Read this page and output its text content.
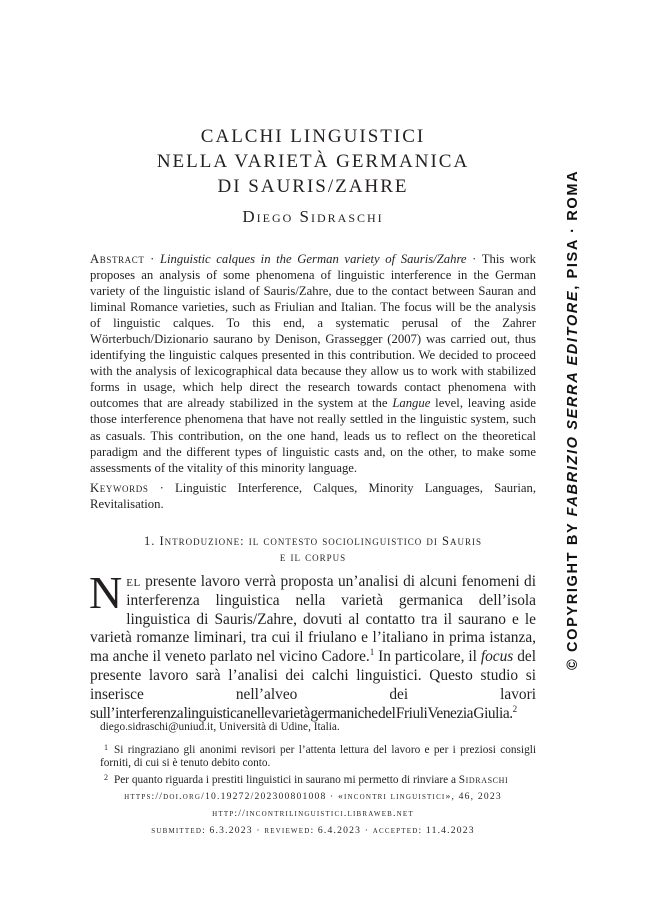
CALCHI LINGUISTICI
NELLA VARIETÀ GERMANICA
DI SAURIS/ZAHRE
Diego Sidraschi

Abstract · Linguistic calques in the German variety of Sauris/Zahre · This work proposes an analysis of some phenomena of linguistic interference in the German variety of the linguistic island of Sauris/Zahre, due to the contact between Sauran and liminal Romance varieties, such as Friulian and Italian. The focus will be the analysis of linguistic calques. To this end, a systematic perusal of the Zahrer Wörterbuch/Dizionario saurano by Denison, Grassegger (2007) was carried out, thus identifying the linguistic calques presented in this contribution. We decided to proceed with the analysis of lexicographical data because they allow us to work with stabilized forms in usage, which help direct the research towards contact phenomena with outcomes that are already stabilized in the system at the Langue level, leaving aside those interference phenomena that have not really settled in the linguistic system, such as casuals. This contribution, on the one hand, leads us to reflect on the theoretical paradigm and the different types of linguistic casts and, on the other, to make some assessments of the vitality of this minority language.

Keywords · Linguistic Interference, Calques, Minority Languages, Saurian, Revitalisation.

1. Introduzione: il contesto sociolinguistico di Sauris
e il corpus
Nel presente lavoro verrà proposta un’analisi di alcuni fenomeni di interferenza linguistica nella varietà germanica dell’isola linguistica di Sauris/Zahre, dovuti al contatto tra il saurano e le varietà romanze liminari, tra cui il friulano e l’italiano in prima istanza, ma anche il veneto parlato nel vicino Cadore.$^1$ In particolare, il focus del presente lavoro sarà l’analisi dei calchi linguistici. Questo studio si inserisce nell’alveo dei lavori sull’interferenza linguistica nelle varietà germaniche del Friuli Venezia Giulia.$^2$
diego.sidraschi@uniud.it, Università di Udine, Italia.
$^1$ Si ringraziano gli anonimi revisori per l’attenta lettura del lavoro e per i preziosi consigli forniti, di cui si è tenuto debito conto.
$^2$ Per quanto riguarda i prestiti linguistici in saurano mi permetto di rinviare a Sidraschi
https://doi.org/10.19272/202300801008 · «incontri linguistici», 46, 2023
http://incontrilinguistici.libraweb.net
submitted: 6.3.2023 · reviewed: 6.4.2023 · accepted: 11.4.2023
© COPYRIGHT BY FABRIZIO SERRA EDITORE, PISA · ROMA
